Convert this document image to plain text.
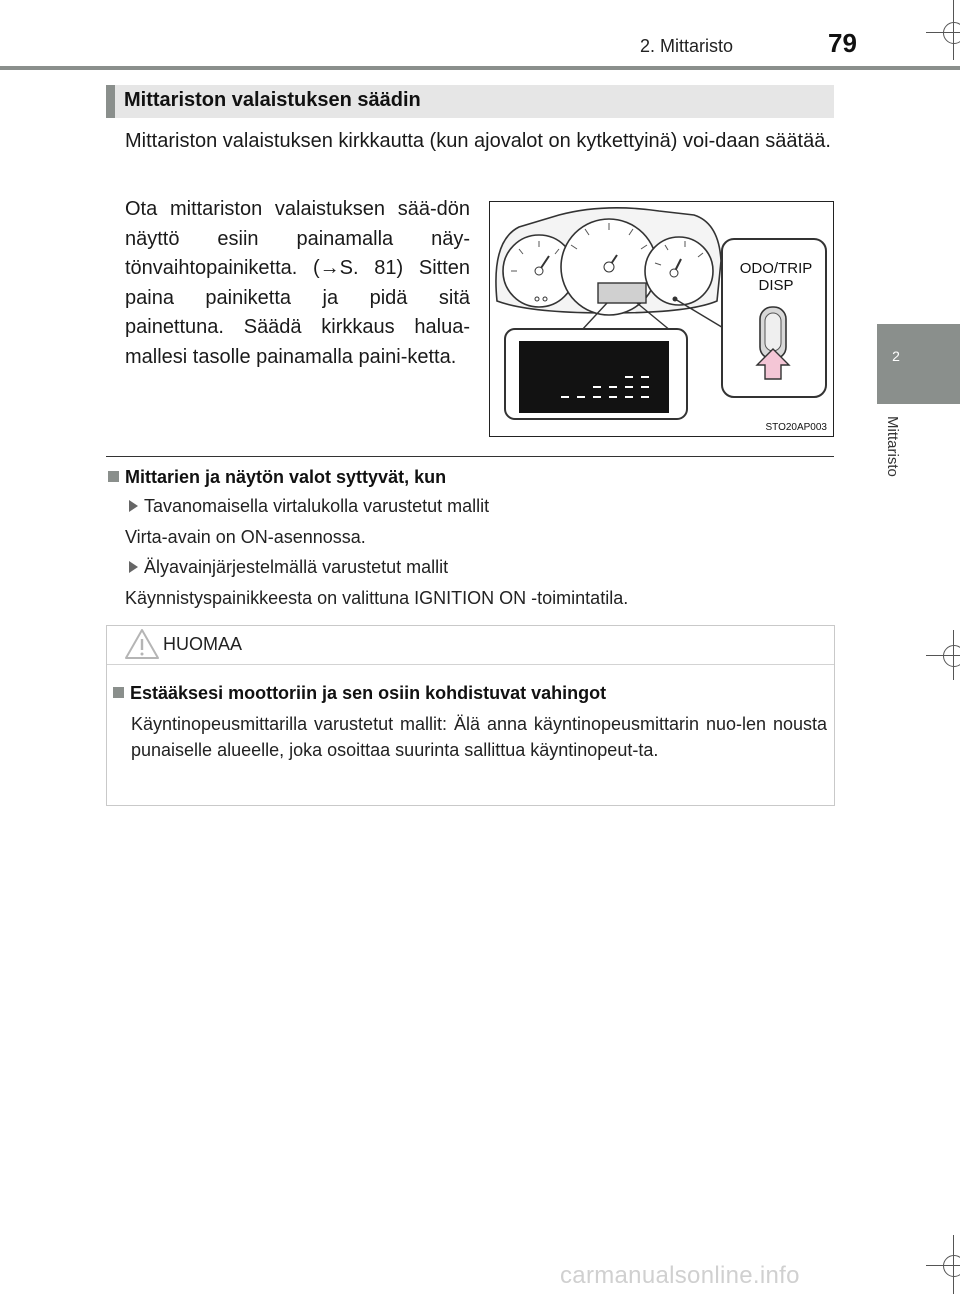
2. Mittaristo	79
2
Mittaristo
Mittariston valaistuksen säädin
Mittariston valaistuksen kirkkautta (kun ajovalot on kytkettyinä) voi-daan säätää.
Ota mittariston valaistuksen sää-dön näyttö esiin painamalla näy-tönvaihtopainiketta. (→S. 81) Sitten paina painiketta ja pidä sitä painettuna. Säädä kirkkaus halua-mallesi tasolle painamalla paini-ketta.
ODO/TRIP
DISP
STO20AP003
Mittarien ja näytön valot syttyvät, kun
Tavanomaisella virtalukolla varustetut mallit
Virta-avain on ON-asennossa.
Älyavainjärjestelmällä varustetut mallit
Käynnistyspainikkeesta on valittuna IGNITION ON -toimintatila.
HUOMAA
Estääksesi moottoriin ja sen osiin kohdistuvat vahingot
Käyntinopeusmittarilla varustetut mallit: Älä anna käyntinopeusmittarin nuo-len nousta punaiselle alueelle, joka osoittaa suurinta sallittua käyntinopeut-ta.
carmanualsonline.info
